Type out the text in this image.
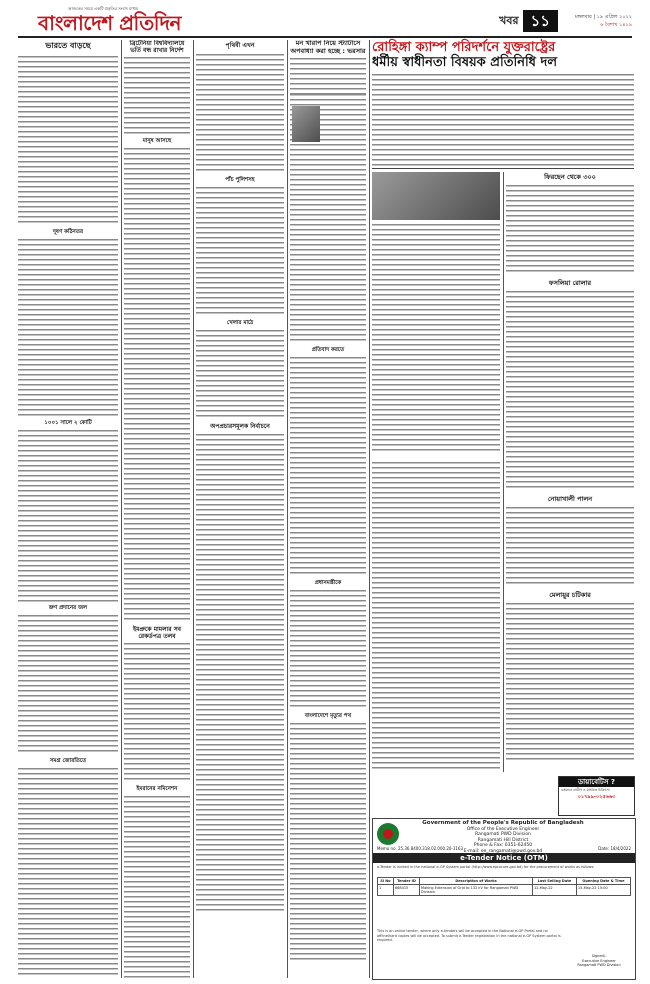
আজকের সময়ে একটি প্রকৃতির সংবাদ মাধ্যম
বাংলাদেশ প্রতিদিন	খবর ১১	মঙ্গলবার | ১৯ এপ্রিল ২০২২
৬ বৈশাখ ১৪২৯
ভারতে বাড়ছে
দূষণ কঠিনতর
১০০১ সালে ২ কোটি
ভ্রুণ প্রদানের জল
সমগ্র জোরতিতে
ব্রিটেনিয়া বিশ্ববিদ্যালয়ে ভর্তি বন্ধ রাখার নির্দেশ
মানুষ আসছে
ইমপ্রুকে মামলার সব রেকর্ডপত্র তলব
ইমরানের নমিনেশন
পৃথিবী এখন
পাঁচ পুলিশসহ
খেলার মাঠে
অপপ্রচারসমূলক নির্বাচনে
মন খারাপ নিয়ে স্ট্যাটাসে অপবাধ্যা করা হচ্ছে : ভরসার
প্রতিবাদ করতে
প্রধানমন্ত্রীকে
বাংলাদেশে মৃত্যুর পথ
রোহিঙ্গা ক্যাম্প পরিদর্শনে যুক্তরাষ্ট্রের
ধর্মীয় স্বাধীনতা বিষয়ক প্রতিনিধি দল
ফিরছেন থেকে ৩০০
ফসলিয়া রোলার
নোয়াখালী পালন
মেলায়ুর চটিকার
ডায়াবেটিস ?
বর্তমানে গ্রামীণ ও মধ্যবিত্ত চিকিৎসা
০১৭৯৯-০২৫৬৬৩
Government of the People's Republic of Bangladesh
Office of the Executive Engineer
Rangamati PWD Division
Rangamati Hill District
Phone & Fax: 0351-62450
E-mail: ee_rangamati@pwd.gov.bd
Memo no. 25.36.8400.318.02.000.20-1163	Date: 18/4/2022
e-Tender Notice (OTM)
e-Tender is invited in the national e-GP System portal (http://www.eprocure.gov.bd) for the procurement of works as follows:
Sl No	Tender ID	Description of Works	Last Selling Date	Opening Date & Time
1	668415	Making Extension of Grid to 132 kV for Rangamati PWD Division	12-May-22	15-May-22 15:00
This is an online tender, where only e-tenders will be accepted in the National e-GP Portal and no offline/hard copies will be accepted. To submit e-Tender registration in the national e-GP System portal is required.
Signed/-
Executive Engineer
Rangamati PWD Division
